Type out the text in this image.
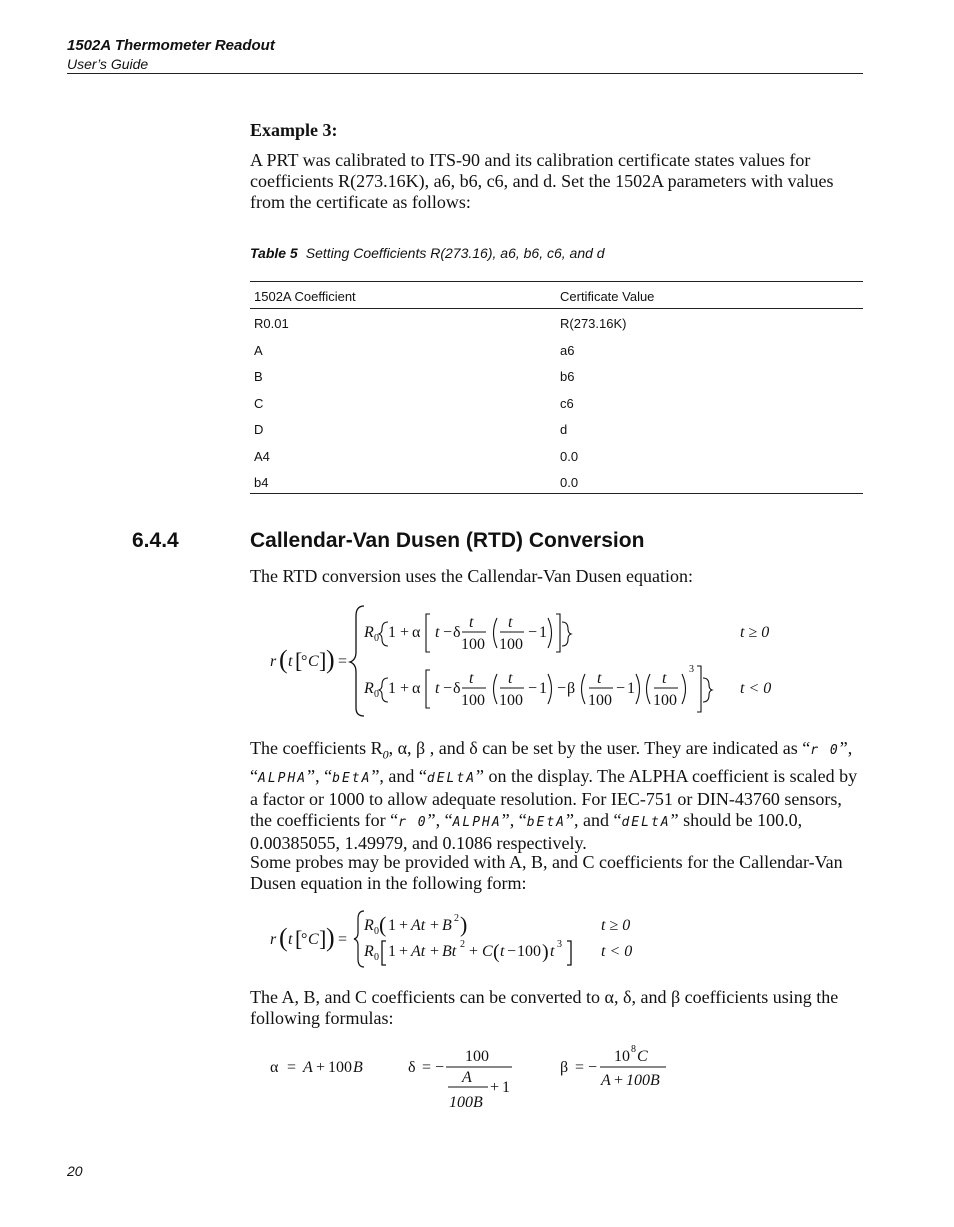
1502A Thermometer Readout
User’s Guide
Example 3:
A PRT was calibrated to ITS-90 and its calibration certificate states values for coefficients R(273.16K), a6, b6, c6, and d. Set the 1502A parameters with values from the certificate as follows:
Table 5 Setting Coefficients R(273.16), a6, b6, c6, and d
1502A Coefficient	Certificate Value
R0.01	R(273.16K)
A	a6
B	b6
C	c6
D	d
A4	0.0
b4	0.0
6.4.4	Callendar-Van Dusen (RTD) Conversion
The RTD conversion uses the Callendar-Van Dusen equation:
r ( t [
° C ] ) =
R 0 1 + α t − δ
t
100
t
100
− 1	t ≥ 0
R 0 1 + α t − δ
t
100
t
100
− 1 − β
t
100
− 1
t
100
3
t < 0
The coefficients $R_0$, α, β , and δ can be set by the user. They are indicated as “r 0”, “ALPHA”, “bEtA”, and “dELtA” on the display. The ALPHA coefficient is scaled by a factor or 1000 to allow adequate resolution. For IEC-751 or DIN-43760 sensors, the coefficients for “r 0”, “ALPHA”, “bEtA”, and “dELtA” should be 100.0, 0.00385055, 1.49979, and 0.1086 respectively.
Some probes may be provided with A, B, and C coefficients for the Callendar-Van Dusen equation in the following form:
r ( t [
° C ] ) =
R 0 ( 1 + At + B 2 )	t ≥ 0
R 0 1 + At + Bt 2 + C ( t − 100 ) t 3 t < 0
The A, B, and C coefficients can be converted to α, δ, and β coefficients using the following formulas:
α = A + 100 B	δ = −
100
A
100B
+ 1
β = −
10 8 C
A + 100B
20
